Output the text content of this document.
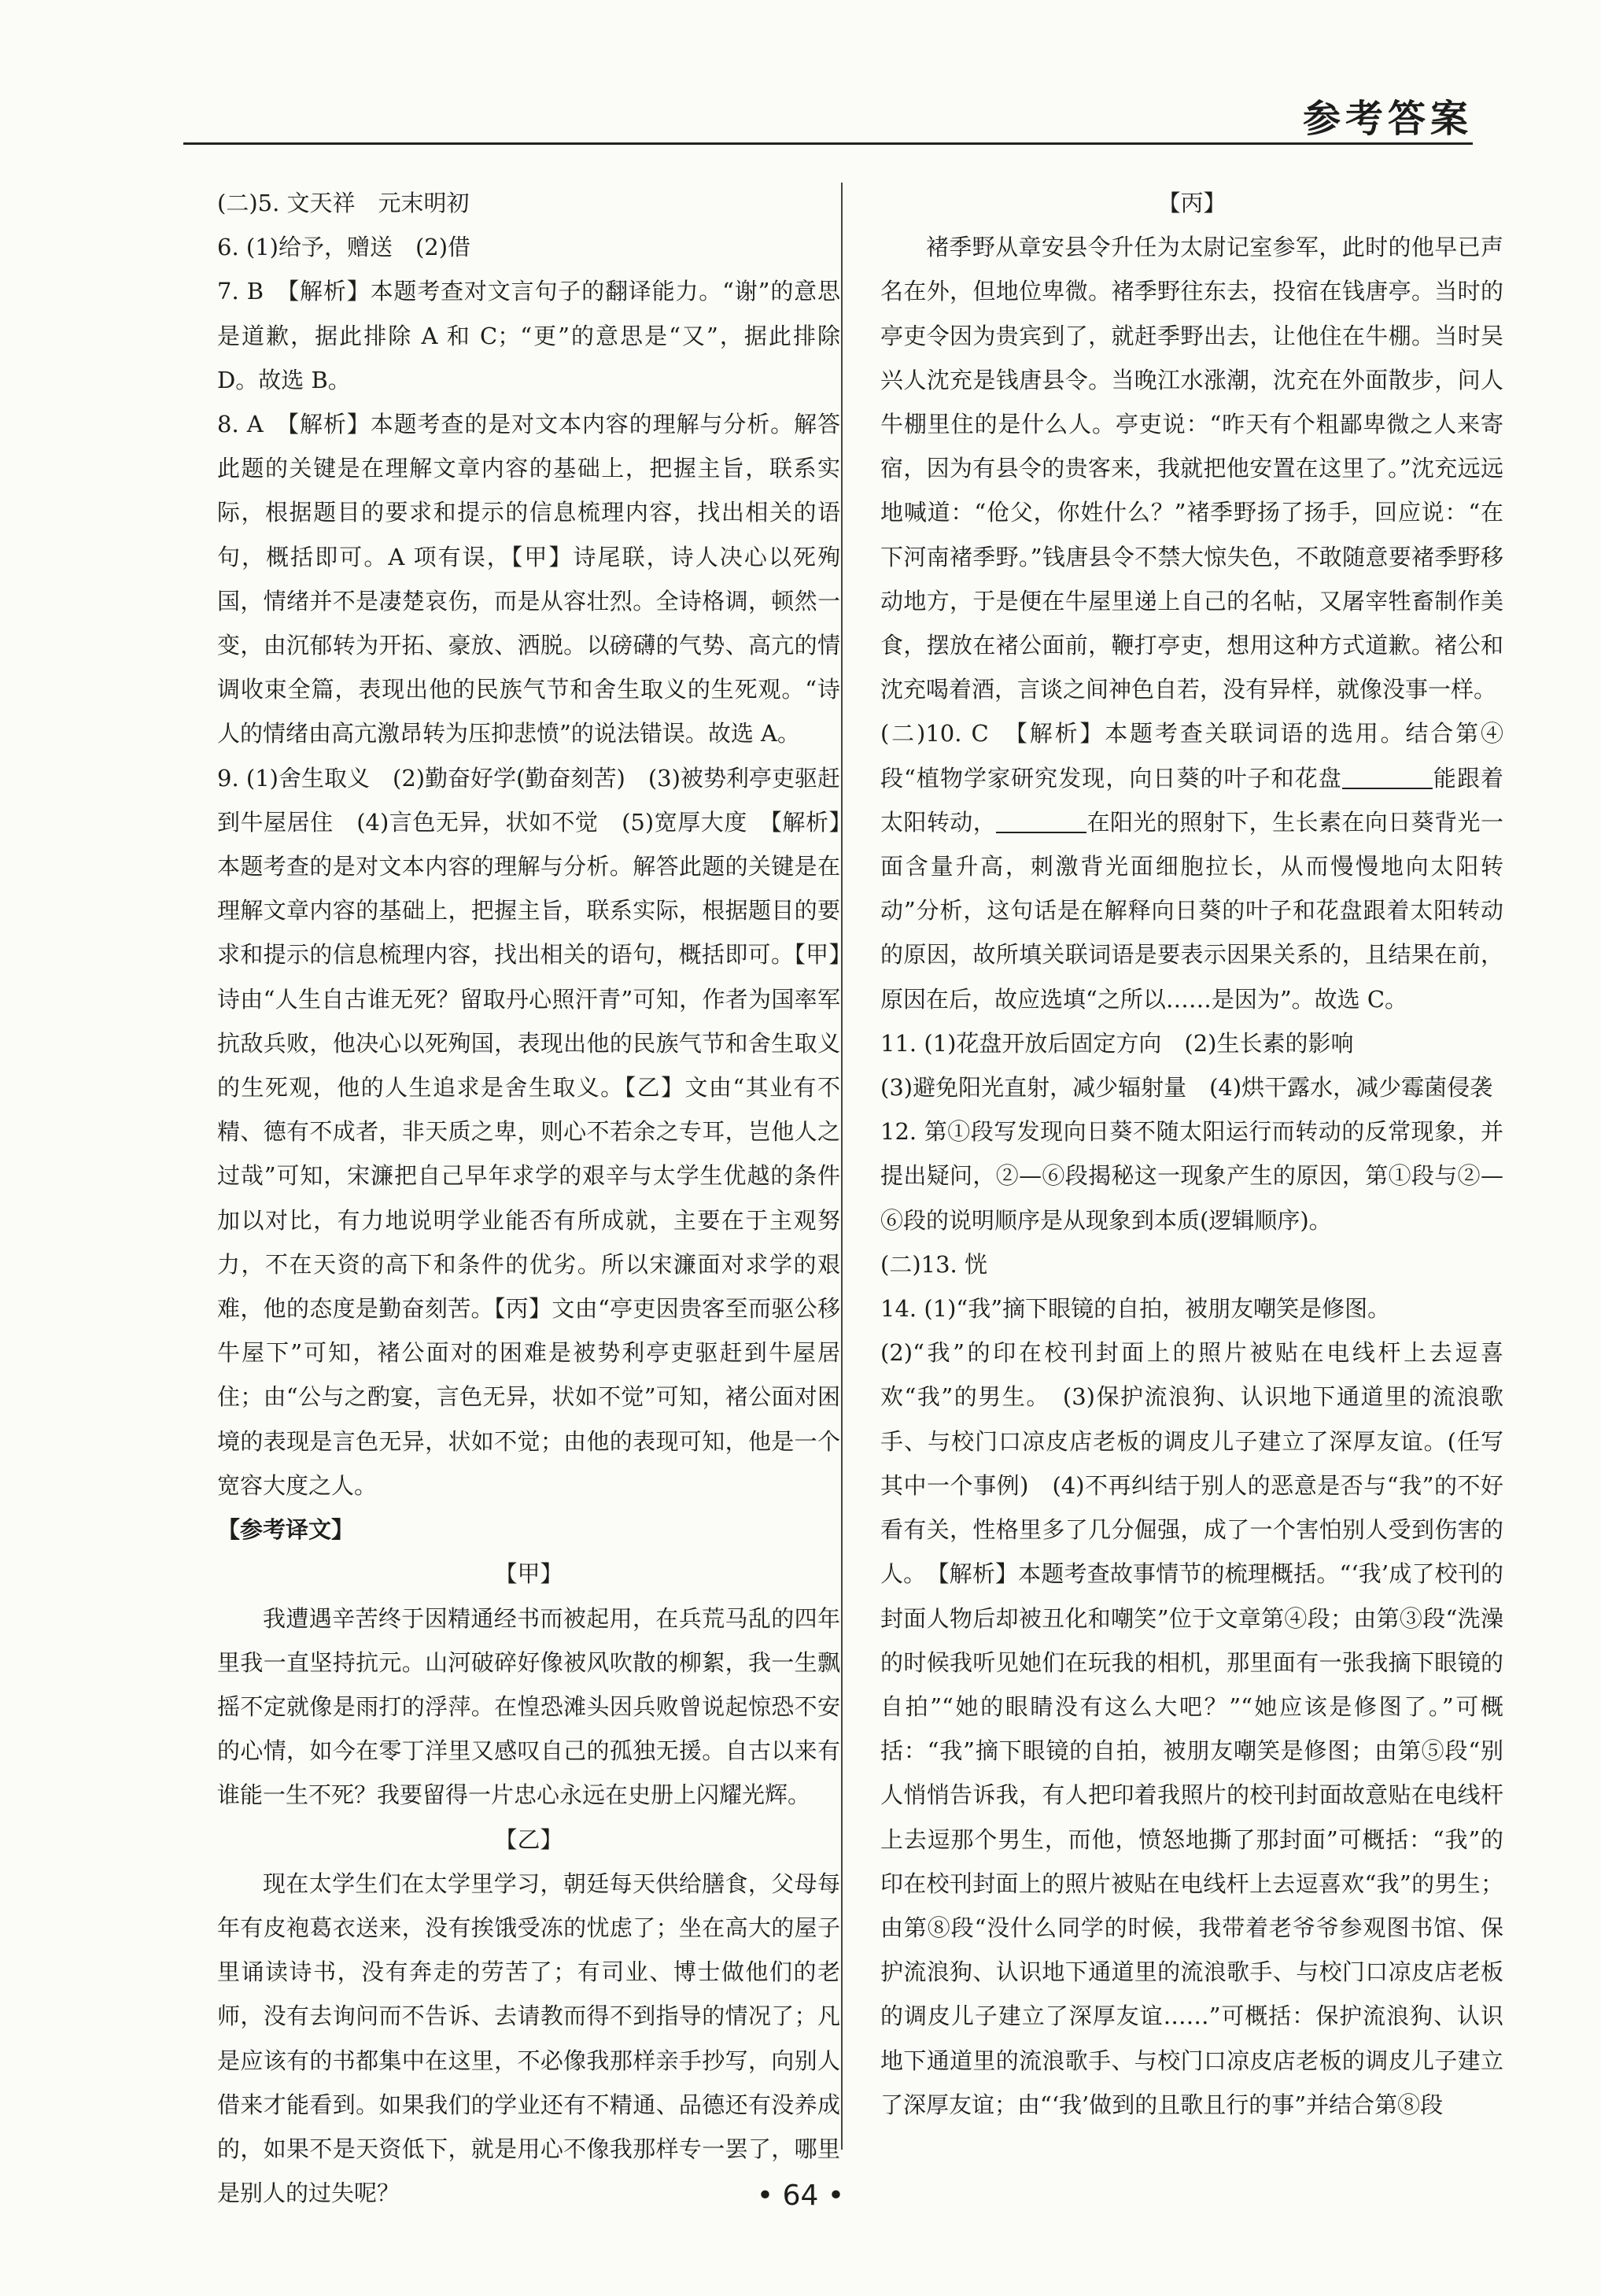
参考答案

(二)5. 文天祥　元末明初

6. (1)给予，赠送　(2)借

7. B　【解析】本题考查对文言句子的翻译能力。“谢”的意思是道歉，据此排除 A 和 C；“更”的意思是“又”，据此排除 D。故选 B。

8. A　【解析】本题考查的是对文本内容的理解与分析。解答此题的关键是在理解文章内容的基础上，把握主旨，联系实际，根据题目的要求和提示的信息梳理内容，找出相关的语句，概括即可。A 项有误，【甲】诗尾联，诗人决心以死殉国，情绪并不是凄楚哀伤，而是从容壮烈。全诗格调，顿然一变，由沉郁转为开拓、豪放、洒脱。以磅礴的气势、高亢的情调收束全篇，表现出他的民族气节和舍生取义的生死观。“诗人的情绪由高亢激昂转为压抑悲愤”的说法错误。故选 A。

9. (1)舍生取义　(2)勤奋好学(勤奋刻苦)　(3)被势利亭吏驱赶到牛屋居住　(4)言色无异，状如不觉　(5)宽厚大度　【解析】本题考查的是对文本内容的理解与分析。解答此题的关键是在理解文章内容的基础上，把握主旨，联系实际，根据题目的要求和提示的信息梳理内容，找出相关的语句，概括即可。【甲】诗由“人生自古谁无死？留取丹心照汗青”可知，作者为国率军抗敌兵败，他决心以死殉国，表现出他的民族气节和舍生取义的生死观，他的人生追求是舍生取义。【乙】文由“其业有不精、德有不成者，非天质之卑，则心不若余之专耳，岂他人之过哉”可知，宋濂把自己早年求学的艰辛与太学生优越的条件加以对比，有力地说明学业能否有所成就，主要在于主观努力，不在天资的高下和条件的优劣。所以宋濂面对求学的艰难，他的态度是勤奋刻苦。【丙】文由“亭吏因贵客至而驱公移牛屋下”可知，褚公面对的困难是被势利亭吏驱赶到牛屋居住；由“公与之酌宴，言色无异，状如不觉”可知，褚公面对困境的表现是言色无异，状如不觉；由他的表现可知，他是一个宽容大度之人。

【参考译文】

【甲】

我遭遇辛苦终于因精通经书而被起用，在兵荒马乱的四年里我一直坚持抗元。山河破碎好像被风吹散的柳絮，我一生飘摇不定就像是雨打的浮萍。在惶恐滩头因兵败曾说起惊恐不安的心情，如今在零丁洋里又感叹自己的孤独无援。自古以来有谁能一生不死？我要留得一片忠心永远在史册上闪耀光辉。

【乙】

现在太学生们在太学里学习，朝廷每天供给膳食，父母每年有皮袍葛衣送来，没有挨饿受冻的忧虑了；坐在高大的屋子里诵读诗书，没有奔走的劳苦了；有司业、博士做他们的老师，没有去询问而不告诉、去请教而得不到指导的情况了；凡是应该有的书都集中在这里，不必像我那样亲手抄写，向别人借来才能看到。如果我们的学业还有不精通、品德还有没养成的，如果不是天资低下，就是用心不像我那样专一罢了，哪里是别人的过失呢？

【丙】

褚季野从章安县令升任为太尉记室参军，此时的他早已声名在外，但地位卑微。褚季野往东去，投宿在钱唐亭。当时的亭吏令因为贵宾到了，就赶季野出去，让他住在牛棚。当时吴兴人沈充是钱唐县令。当晚江水涨潮，沈充在外面散步，问人牛棚里住的是什么人。亭吏说：“昨天有个粗鄙卑微之人来寄宿，因为有县令的贵客来，我就把他安置在这里了。”沈充远远地喊道：“伧父，你姓什么？”褚季野扬了扬手，回应说：“在下河南褚季野。”钱唐县令不禁大惊失色，不敢随意要褚季野移动地方，于是便在牛屋里递上自己的名帖，又屠宰牲畜制作美食，摆放在褚公面前，鞭打亭吏，想用这种方式道歉。褚公和沈充喝着酒，言谈之间神色自若，没有异样，就像没事一样。

(二)10. C　【解析】本题考查关联词语的选用。结合第④段“植物学家研究发现，向日葵的叶子和花盘	能跟着太阳转动，	在阳光的照射下，生长素在向日葵背光一面含量升高，刺激背光面细胞拉长，从而慢慢地向太阳转动”分析，这句话是在解释向日葵的叶子和花盘跟着太阳转动的原因，故所填关联词语是要表示因果关系的，且结果在前，原因在后，故应选填“之所以……是因为”。故选 C。

11. (1)花盘开放后固定方向　(2)生长素的影响

(3)避免阳光直射，减少辐射量　(4)烘干露水，减少霉菌侵袭

12. 第①段写发现向日葵不随太阳运行而转动的反常现象，并提出疑问，②—⑥段揭秘这一现象产生的原因，第①段与②—⑥段的说明顺序是从现象到本质(逻辑顺序)。

(二)13. 恍

14. (1)“我”摘下眼镜的自拍，被朋友嘲笑是修图。

(2)“我”的印在校刊封面上的照片被贴在电线杆上去逗喜欢“我”的男生。　(3)保护流浪狗、认识地下通道里的流浪歌手、与校门口凉皮店老板的调皮儿子建立了深厚友谊。(任写其中一个事例)　(4)不再纠结于别人的恶意是否与“我”的不好看有关，性格里多了几分倔强，成了一个害怕别人受到伤害的人。　【解析】本题考查故事情节的梳理概括。“‘我’成了校刊的封面人物后却被丑化和嘲笑”位于文章第④段；由第③段“洗澡的时候我听见她们在玩我的相机，那里面有一张我摘下眼镜的自拍”“她的眼睛没有这么大吧？”“她应该是修图了。”可概括：“我”摘下眼镜的自拍，被朋友嘲笑是修图；由第⑤段“别人悄悄告诉我，有人把印着我照片的校刊封面故意贴在电线杆上去逗那个男生，而他，愤怒地撕了那封面”可概括：“我”的印在校刊封面上的照片被贴在电线杆上去逗喜欢“我”的男生；由第⑧段“没什么同学的时候，我带着老爷爷参观图书馆、保护流浪狗、认识地下通道里的流浪歌手、与校门口凉皮店老板的调皮儿子建立了深厚友谊……”可概括：保护流浪狗、认识地下通道里的流浪歌手、与校门口凉皮店老板的调皮儿子建立了深厚友谊；由“‘我’做到的且歌且行的事”并结合第⑧段

• 64 •
